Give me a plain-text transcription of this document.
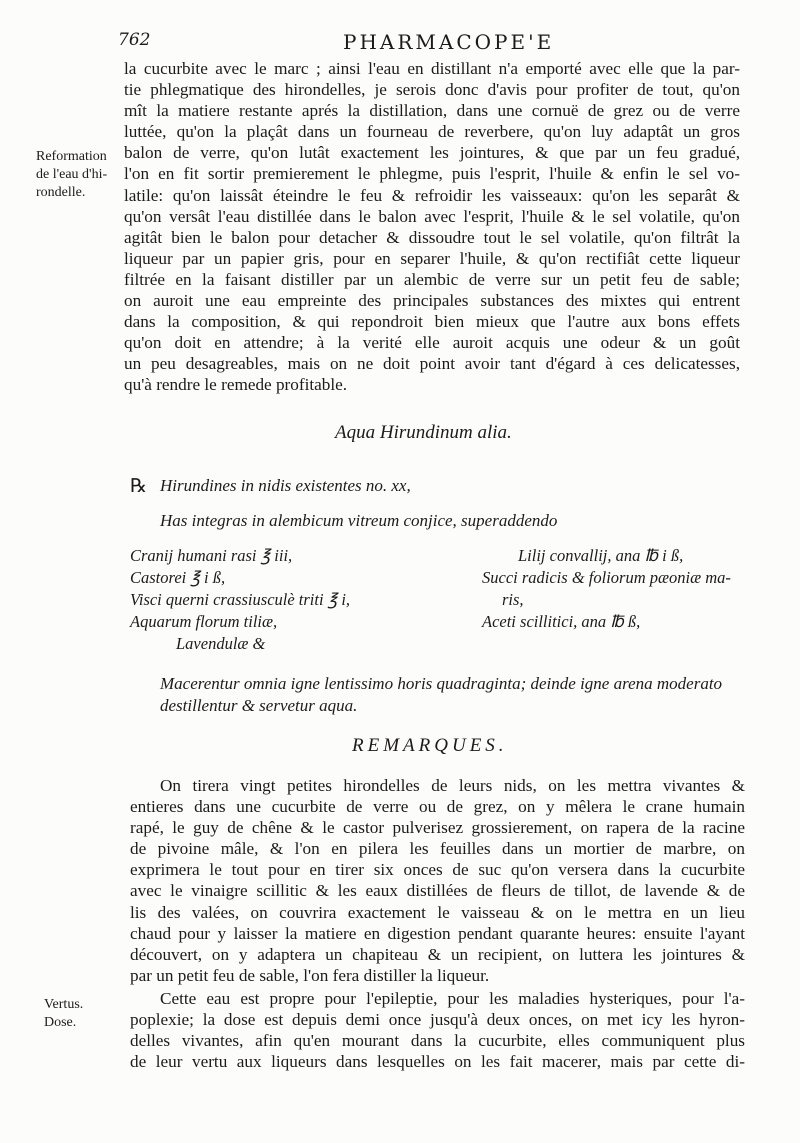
762	PHARMACOPE'E
la cucurbite avec le marc ; ainsi l'eau en distillant n'a emporté avec elle que la par-
tie phlegmatique des hirondelles, je serois donc d'avis pour profiter de tout, qu'on
mît la matiere restante aprés la distillation, dans une cornuë de grez ou de verre
luttée, qu'on la plaçât dans un fourneau de reverbere, qu'on luy adaptât un gros
balon de verre, qu'on lutât exactement les jointures, & que par un feu gradué,
l'on en fit sortir premierement le phlegme, puis l'esprit, l'huile & enfin le sel vo-
latile: qu'on laissât éteindre le feu & refroidir les vaisseaux: qu'on les separât &
qu'on versât l'eau distillée dans le balon avec l'esprit, l'huile & le sel volatile, qu'on
agitât bien le balon pour detacher & dissoudre tout le sel volatile, qu'on filtrât la
liqueur par un papier gris, pour en separer l'huile, & qu'on rectifiât cette liqueur
filtrée en la faisant distiller par un alembic de verre sur un petit feu de sable;
on auroit une eau empreinte des principales substances des mixtes qui entrent
dans la composition, & qui repondroit bien mieux que l'autre aux bons effets
qu'on doit en attendre; à la verité elle auroit acquis une odeur & un goût
un peu desagreables, mais on ne doit point avoir tant d'égard à ces delicatesses,
qu'à rendre le remede profitable.
Reformation
de l'eau d'hi-
rondelle.
Aqua Hirundinum alia.
℞ Hirundines in nidis existentes no. xx,
Has integras in alembicum vitreum conjice, superaddendo
Cranij humani rasi ℥ iii,
Castorei ℥ i ß,
Visci querni crassiusculè triti ℥ i,
Aquarum florum tiliæ,
Lavendulæ &
Lilij convallij, ana ℔ i ß,
Succi radicis & foliorum pæoniæ ma-
ris,
Aceti scillitici, ana ℔ ß,
Macerentur omnia igne lentissimo horis quadraginta; deinde igne arena moderato
destillentur & servetur aqua.
REMARQUES.
On tirera vingt petites hirondelles de leurs nids, on les mettra vivantes &
entieres dans une cucurbite de verre ou de grez, on y mêlera le crane humain
rapé, le guy de chêne & le castor pulverisez grossierement, on rapera de la racine
de pivoine mâle, & l'on en pilera les feuilles dans un mortier de marbre, on
exprimera le tout pour en tirer six onces de suc qu'on versera dans la cucurbite
avec le vinaigre scillitic & les eaux distillées de fleurs de tillot, de lavende & de
lis des valées, on couvrira exactement le vaisseau & on le mettra en un lieu
chaud pour y laisser la matiere en digestion pendant quarante heures: ensuite l'ayant
découvert, on y adaptera un chapiteau & un recipient, on luttera les jointures &
par un petit feu de sable, l'on fera distiller la liqueur.
Cette eau est propre pour l'epileptie, pour les maladies hysteriques, pour l'a-
poplexie; la dose est depuis demi once jusqu'à deux onces, on met icy les hyron-
delles vivantes, afin qu'en mourant dans la cucurbite, elles communiquent plus
de leur vertu aux liqueurs dans lesquelles on les fait macerer, mais par cette di-
Vertus.
Dose.
